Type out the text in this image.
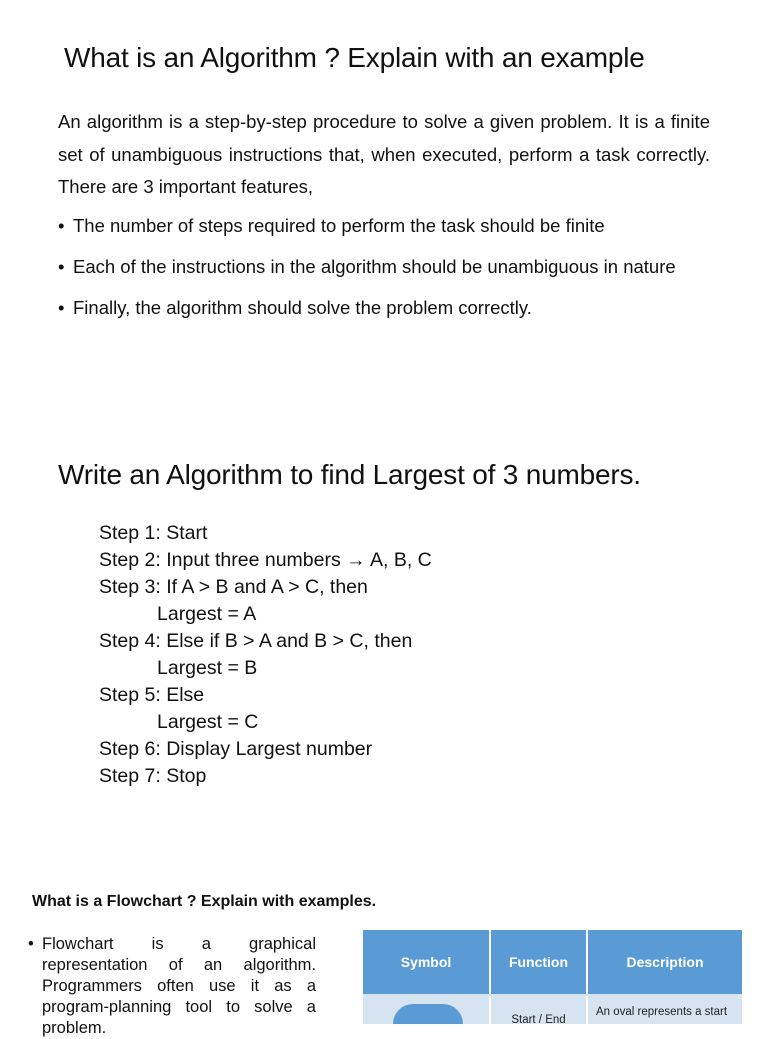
What is an Algorithm ? Explain with an example
An algorithm is a step-by-step procedure to solve a given problem. It is a finite set of unambiguous instructions that, when executed, perform a task correctly. There are 3 important features,
• The number of steps required to perform the task should be finite
• Each of the instructions in the algorithm should be unambiguous in nature
• Finally, the algorithm should solve the problem correctly.
Write an Algorithm to find Largest of 3 numbers.
Step 1: Start
Step 2: Input three numbers → A, B, C
Step 3: If A > B and A > C, then
Largest = A
Step 4: Else if B > A and B > C, then
Largest = B
Step 5: Else
Largest = C
Step 6: Display Largest number
Step 7: Stop
What is a Flowchart ? Explain with examples.
• Flowchart is a graphical representation of an algorithm. Programmers often use it as a program-planning tool to solve a problem.
Symbol	Function	Description
Start / End
An oval represents a start
